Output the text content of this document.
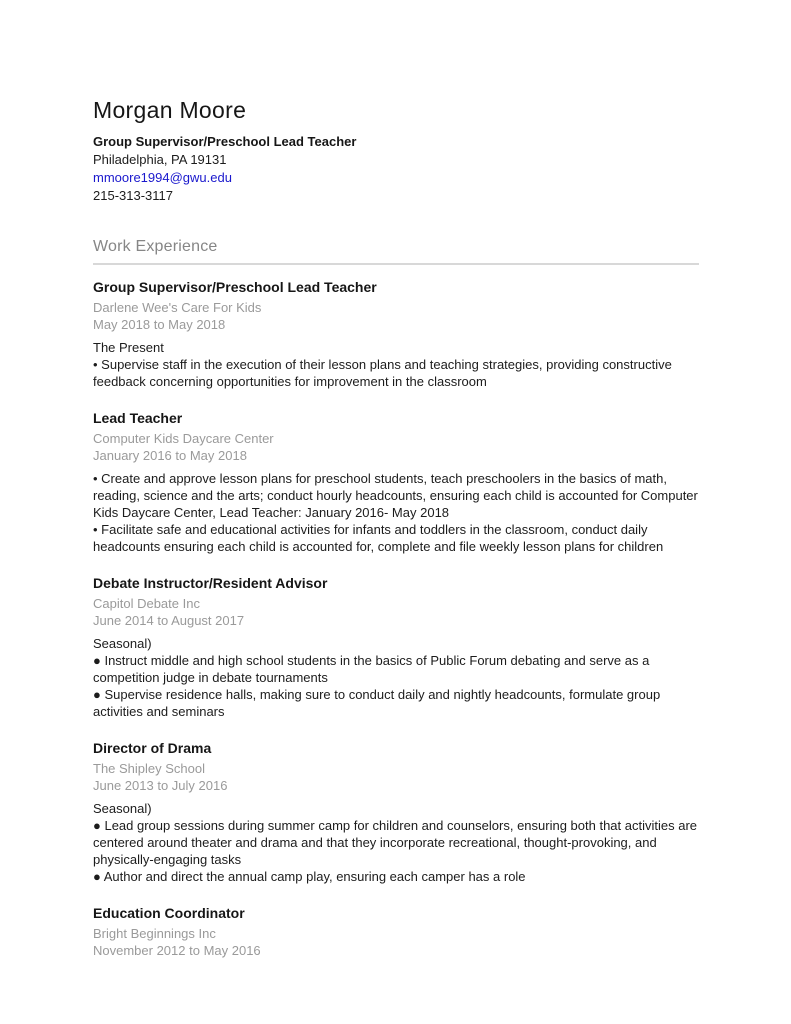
Morgan Moore
Group Supervisor/Preschool Lead Teacher
Philadelphia, PA 19131
mmoore1994@gwu.edu
215-313-3117
Work Experience
Group Supervisor/Preschool Lead Teacher
Darlene Wee's Care For Kids
May 2018 to May 2018

The Present

• Supervise staff in the execution of their lesson plans and teaching strategies, providing constructive feedback concerning opportunities for improvement in the classroom

Lead Teacher
Computer Kids Daycare Center
January 2016 to May 2018

• Create and approve lesson plans for preschool students, teach preschoolers in the basics of math, reading, science and the arts; conduct hourly headcounts, ensuring each child is accounted for Computer Kids Daycare Center, Lead Teacher: January 2016- May 2018

• Facilitate safe and educational activities for infants and toddlers in the classroom, conduct daily headcounts ensuring each child is accounted for, complete and file weekly lesson plans for children

Debate Instructor/Resident Advisor
Capitol Debate Inc
June 2014 to August 2017

Seasonal)

● Instruct middle and high school students in the basics of Public Forum debating and serve as a competition judge in debate tournaments

● Supervise residence halls, making sure to conduct daily and nightly headcounts, formulate group activities and seminars

Director of Drama
The Shipley School
June 2013 to July 2016

Seasonal)

● Lead group sessions during summer camp for children and counselors, ensuring both that activities are centered around theater and drama and that they incorporate recreational, thought-provoking, and physically-engaging tasks

● Author and direct the annual camp play, ensuring each camper has a role

Education Coordinator
Bright Beginnings Inc
November 2012 to May 2016
